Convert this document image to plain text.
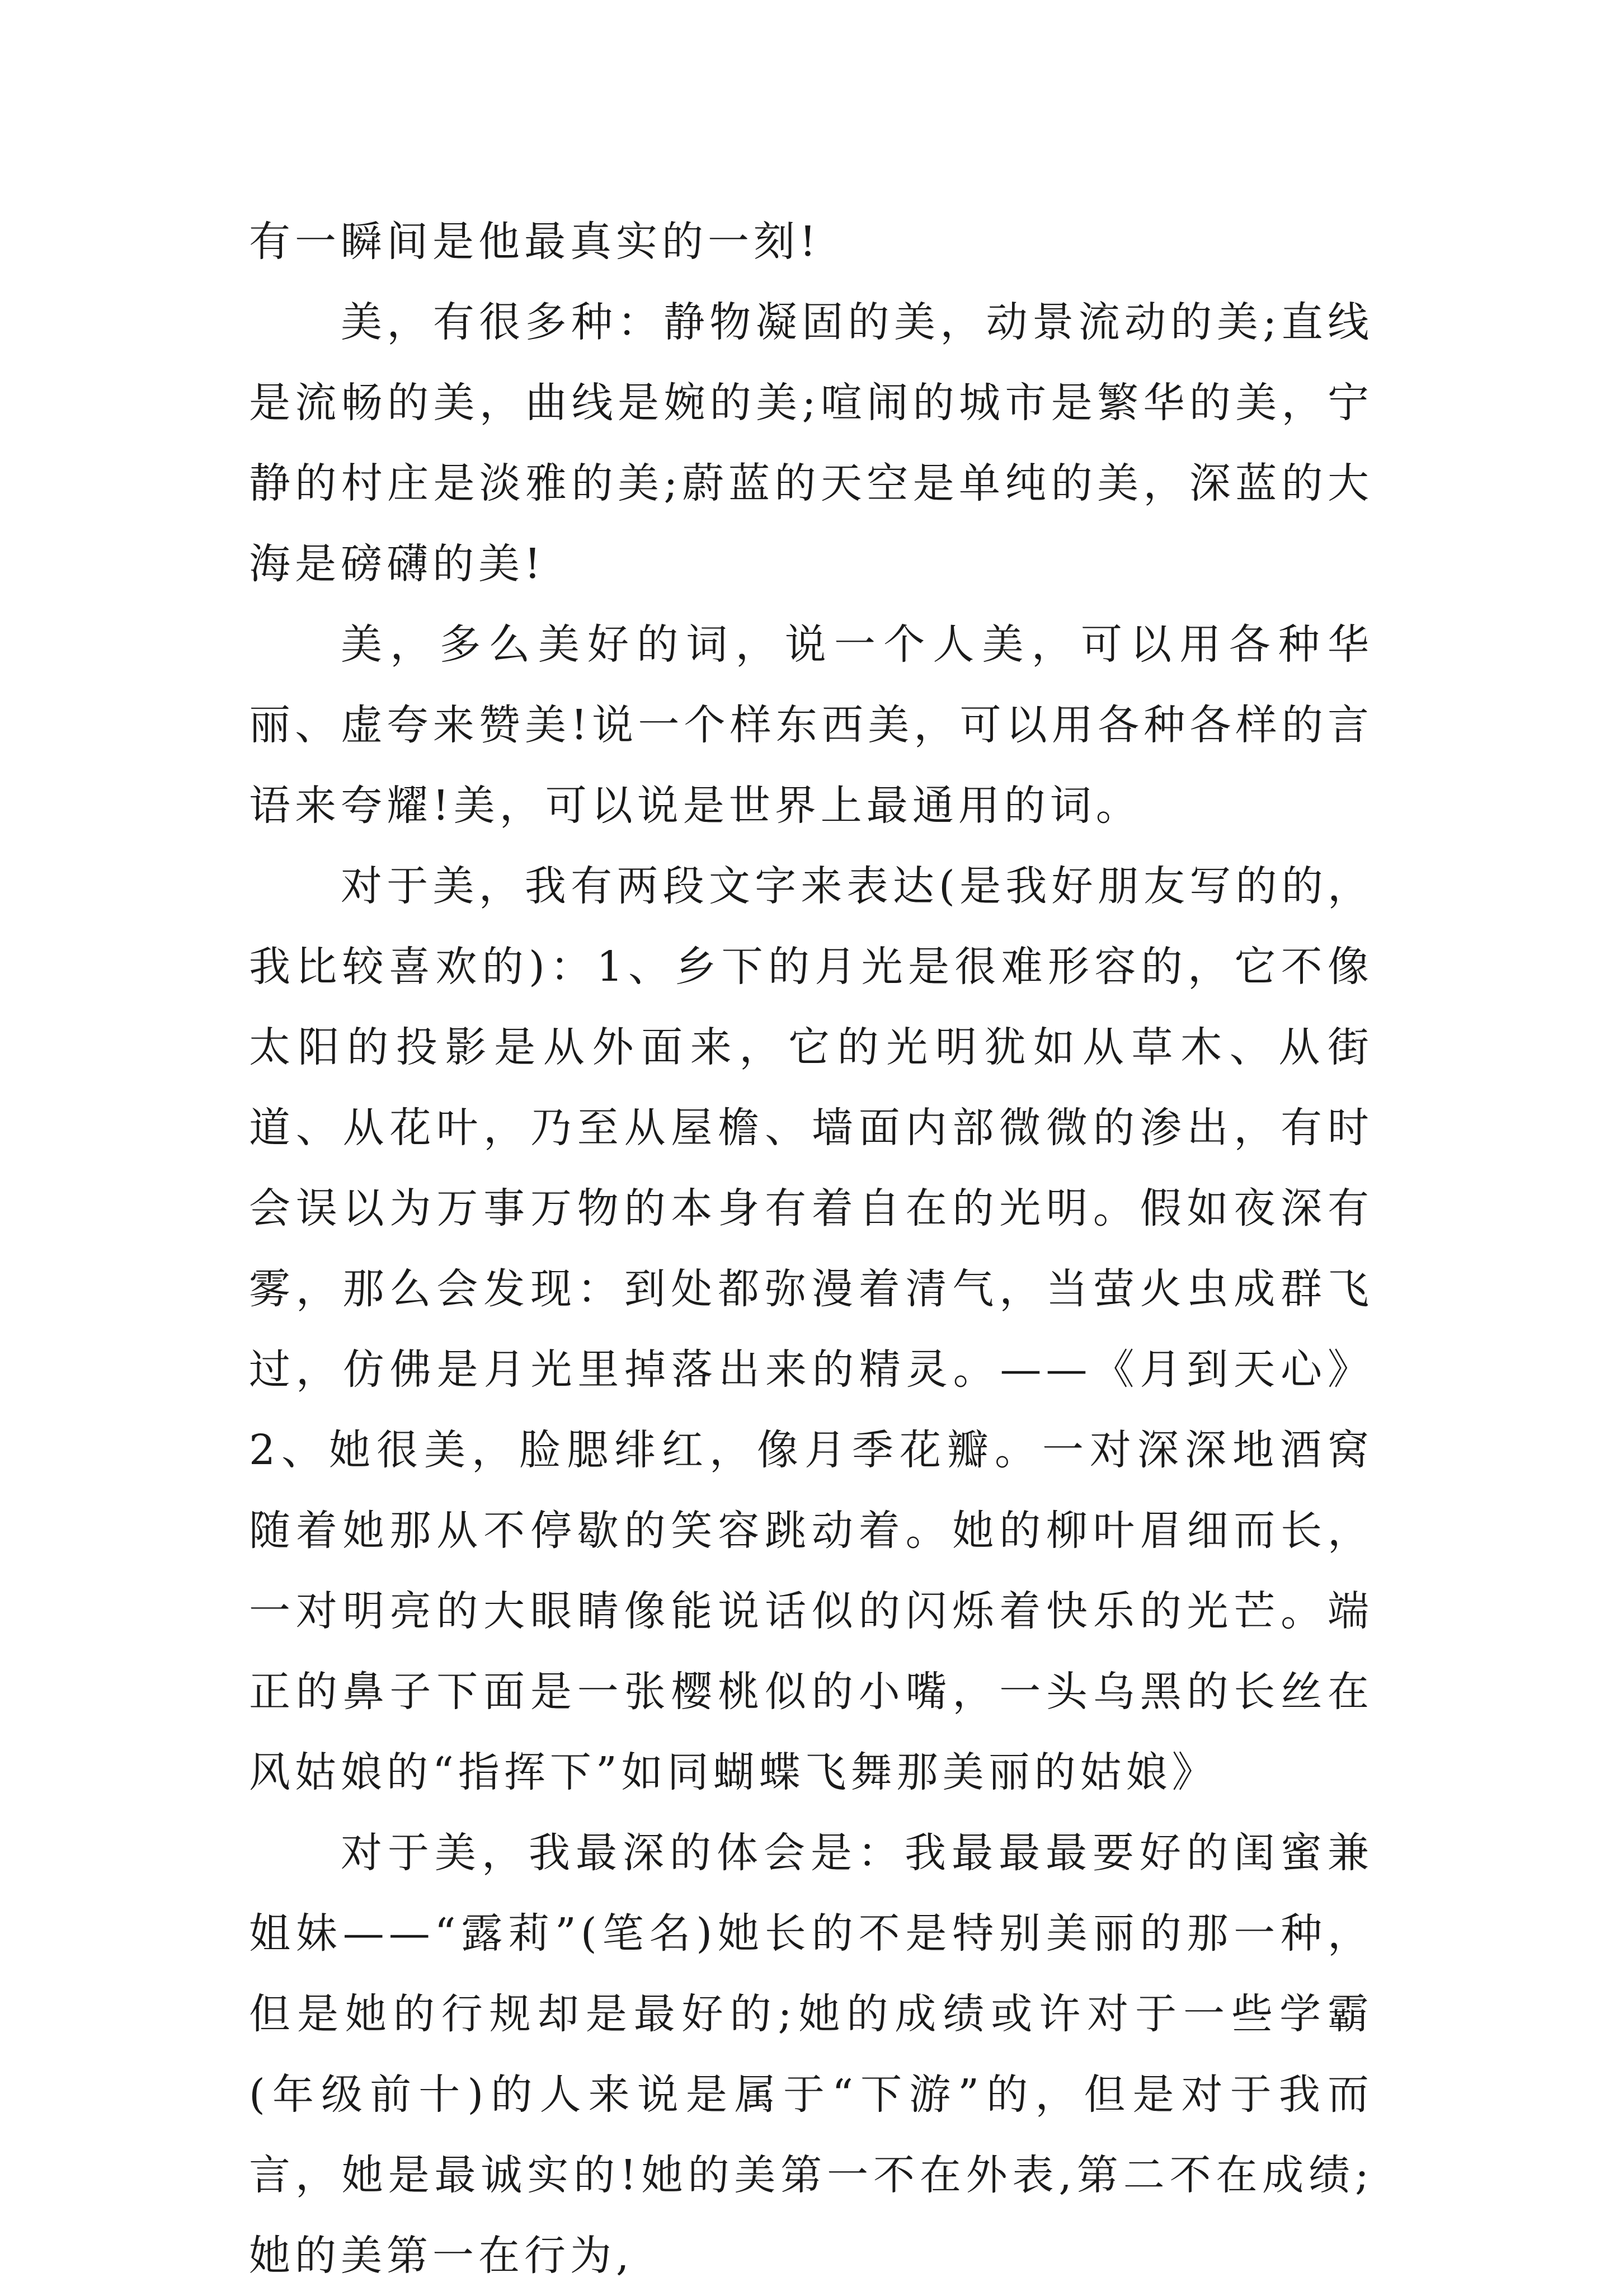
有一瞬间是他最真实的一刻!

美，有很多种：静物凝固的美，动景流动的美;直线是流畅的美，曲线是婉的美;喧闹的城市是繁华的美，宁静的村庄是淡雅的美;蔚蓝的天空是单纯的美，深蓝的大海是磅礴的美!

美，多么美好的词，说一个人美，可以用各种华丽、虚夸来赞美!说一个样东西美，可以用各种各样的言语来夸耀!美，可以说是世界上最通用的词。

对于美，我有两段文字来表达(是我好朋友写的的，我比较喜欢的)：1、乡下的月光是很难形容的，它不像太阳的投影是从外面来，它的光明犹如从草木、从街道、从花叶，乃至从屋檐、墙面内部微微的渗出，有时会误以为万事万物的本身有着自在的光明。假如夜深有雾，那么会发现：到处都弥漫着清气，当萤火虫成群飞过，仿佛是月光里掉落出来的精灵。——《月到天心》2、她很美，脸腮绯红，像月季花瓣。一对深深地酒窝随着她那从不停歇的笑容跳动着。她的柳叶眉细而长，一对明亮的大眼睛像能说话似的闪烁着快乐的光芒。端正的鼻子下面是一张樱桃似的小嘴，一头乌黑的长丝在风姑娘的“指挥下”如同蝴蝶飞舞那美丽的姑娘》

对于美，我最深的体会是：我最最最要好的闺蜜兼姐妹——“露莉”(笔名)她长的不是特别美丽的那一种，但是她的行规却是最好的;她的成绩或许对于一些学霸(年级前十)的人来说是属于“下游”的，但是对于我而言，她是最诚实的!她的美第一不在外表,第二不在成绩;她的美第一在行为,
